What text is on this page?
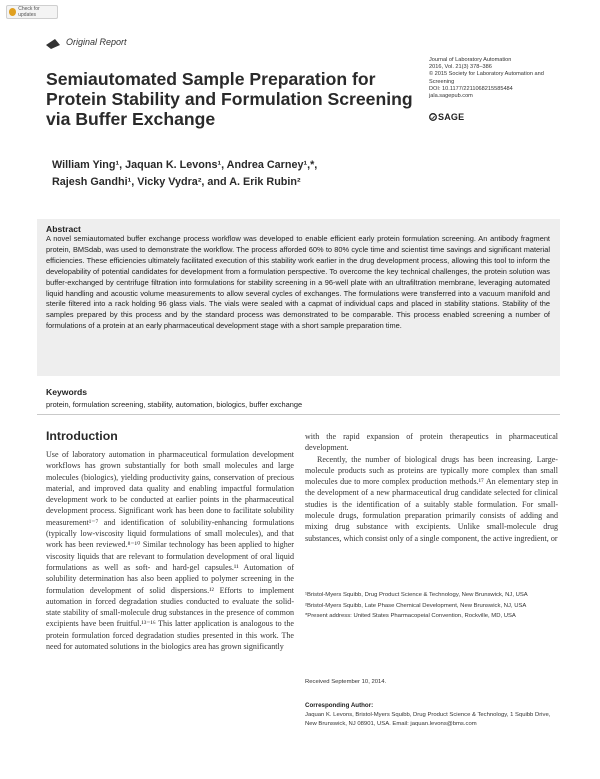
Check for updates
Original Report
Semiautomated Sample Preparation for Protein Stability and Formulation Screening via Buffer Exchange
Journal of Laboratory Automation
2016, Vol. 21(3) 378–386
© 2015 Society for Laboratory Automation and Screening
DOI: 10.1177/2211068215585484
jala.sagepub.com
SAGE
William Ying¹, Jaquan K. Levons¹, Andrea Carney¹,*,
Rajesh Gandhi¹, Vicky Vydra², and A. Erik Rubin²
Abstract
A novel semiautomated buffer exchange process workflow was developed to enable efficient early protein formulation screening. An antibody fragment protein, BMSdab, was used to demonstrate the workflow. The process afforded 60% to 80% cycle time and scientist time savings and significant material efficiencies. These efficiencies ultimately facilitated execution of this stability work earlier in the drug development process, allowing this tool to inform the developability of potential candidates for development from a formulation perspective. To overcome the key technical challenges, the protein solution was buffer-exchanged by centrifuge filtration into formulations for stability screening in a 96-well plate with an ultrafiltration membrane, leveraging automated liquid handling and acoustic volume measurements to allow several cycles of exchanges. The formulations were transferred into a vacuum manifold and sterile filtered into a rack holding 96 glass vials. The vials were sealed with a capmat of individual caps and placed in stability stations. Stability of the samples prepared by this process and by the standard process was demonstrated to be comparable. This process enabled screening a number of formulations of a protein at an early pharmaceutical development stage with a short sample preparation time.
Keywords
protein, formulation screening, stability, automation, biologics, buffer exchange
Introduction

Use of laboratory automation in pharmaceutical formulation development workflows has grown substantially for both small molecules and large molecules (biologics), yielding productivity gains, conservation of precious material, and improved data quality and enabling impactful formulation development work to be conducted at earlier points in the pharmaceutical development process. Significant work has been done to facilitate solubility measurement¹⁻⁷ and identification of solubility-enhancing formulations (typically low-viscosity liquid formulations of small molecules), and that work has been reviewed.⁸⁻¹⁰ Similar technology has been applied to higher viscosity liquids that are relevant to formulation development of oral liquid formulations as well as soft- and hard-gel capsules.¹¹ Automation of solubility determination has also been applied to polymer screening in the formulation development of solid dispersions.¹² Efforts to implement automation in forced degradation studies conducted to evaluate the solid-state stability of small-molecule drug substances in the presence of common excipients have been fruitful.¹³⁻¹⁶ This latter application is analogous to the protein formulation forced degradation studies presented in this work. The need for automated solutions in the biologics area has grown significantly

with the rapid expansion of protein therapeutics in pharmaceutical development.

Recently, the number of biological drugs has been increasing. Large-molecule products such as proteins are typically more complex than small molecules due to more complex production methods.¹⁷ An elementary step in the development of a new pharmaceutical drug candidate selected for clinical studies is the identification of a suitably stable formulation. For small-molecule drugs, formulation preparation primarily consists of adding and mixing drug substance with excipients. Unlike small-molecule drug substances, which consist only of a single component, the active ingredient, or

¹Bristol-Myers Squibb, Drug Product Science & Technology, New Brunswick, NJ, USA
²Bristol-Myers Squibb, Late Phase Chemical Development, New Brunswick, NJ, USA
*Present address: United States Pharmacopeial Convention, Rockville, MD, USA
Received September 10, 2014.
Corresponding Author:
Jaquan K. Levons, Bristol-Myers Squibb, Drug Product Science & Technology, 1 Squibb Drive, New Brunswick, NJ 08901, USA. Email: jaquan.levons@bms.com
